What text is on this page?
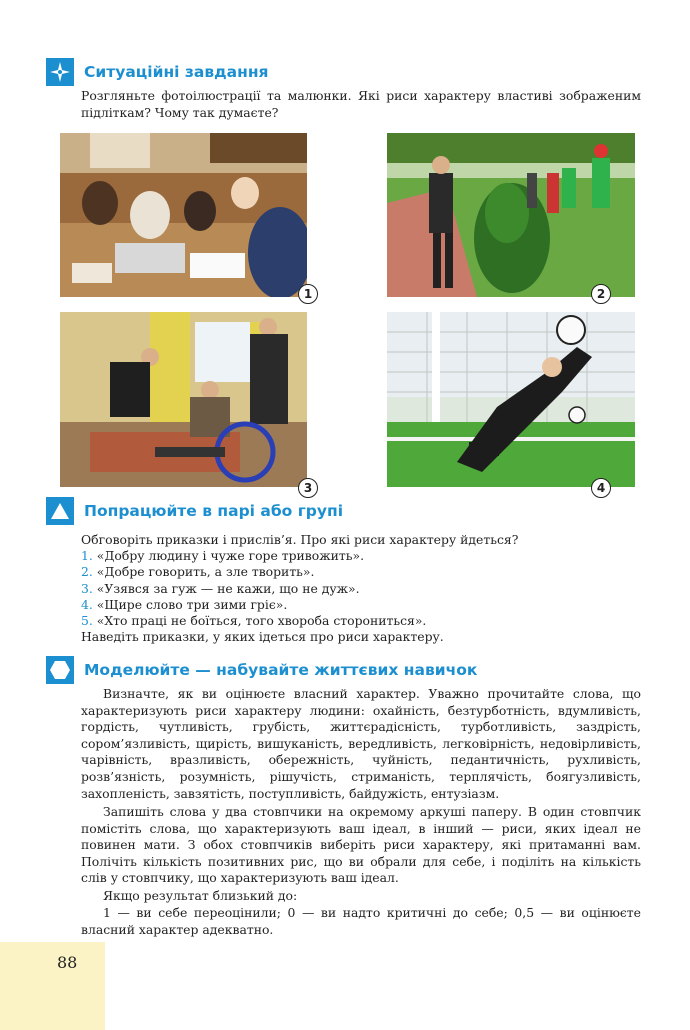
Ситуаційні завдання
Розгляньте фотоілюстрації та малюнки. Які риси характеру властиві зображеним підліткам? Чому так думаєте?
1	2
3	4
Попрацюйте в парі або групі
Обговоріть приказки і прислів’я. Про які риси характеру йдеться?
1. «Добру людину і чуже горе тривожить».
2. «Добре говорить, а зле творить».
3. «Узявся за гуж — не кажи, що не дуж».
4. «Щире слово три зими гріє».
5. «Хто праці не боїться, того хвороба сторониться».
Наведіть приказки, у яких ідеться про риси характеру.
Моделюйте — набувайте життєвих навичок
Визначте, як ви оцінюєте власний характер. Уважно прочитайте слова, що характеризують риси характеру людини: охайність, безтурботність, вдумливість, гордість, чутливість, грубість, життєрадісність, турботливість, заздрість, сором’язливість, щирість, вишуканість, вередливість, легковірність, недовірливість, чарівність, вразливість, обережність, чуйність, педантичність, рухливість, розв’язність, розумність, рішучість, стриманість, терплячість, боягузливість, захопленість, завзятість, поступливість, байдужість, ентузіазм.
Запишіть слова у два стовпчики на окремому аркуші паперу. В один стовпчик помістіть слова, що характеризують ваш ідеал, в інший — риси, яких ідеал не повинен мати. З обох стовпчиків виберіть риси характеру, які притаманні вам. Полічіть кількість позитивних рис, що ви обрали для себе, і поділіть на кількість слів у стовпчику, що характеризують ваш ідеал.
Якщо результат близький до:
1 — ви себе переоцінили; 0 — ви надто критичні до себе; 0,5 — ви оцінюєте власний характер адекватно.
88
